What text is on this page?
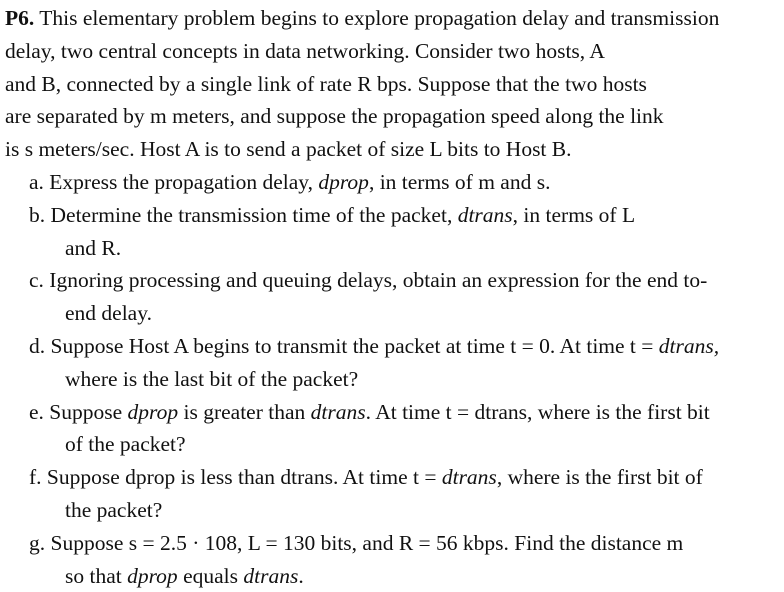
P6. This elementary problem begins to explore propagation delay and transmission
delay, two central concepts in data networking. Consider two hosts, A
and B, connected by a single link of rate R bps. Suppose that the two hosts
are separated by m meters, and suppose the propagation speed along the link
is s meters/sec. Host A is to send a packet of size L bits to Host B.
a. Express the propagation delay, dprop, in terms of m and s.
b. Determine the transmission time of the packet, dtrans, in terms of L
and R.
c. Ignoring processing and queuing delays, obtain an expression for the end to-
end delay.
d. Suppose Host A begins to transmit the packet at time t = 0. At time t = dtrans,
where is the last bit of the packet?
e. Suppose dprop is greater than dtrans. At time t = dtrans, where is the first bit
of the packet?
f. Suppose dprop is less than dtrans. At time t = dtrans, where is the first bit of
the packet?
g. Suppose s = 2.5 · 108, L = 130 bits, and R = 56 kbps. Find the distance m
so that dprop equals dtrans.
